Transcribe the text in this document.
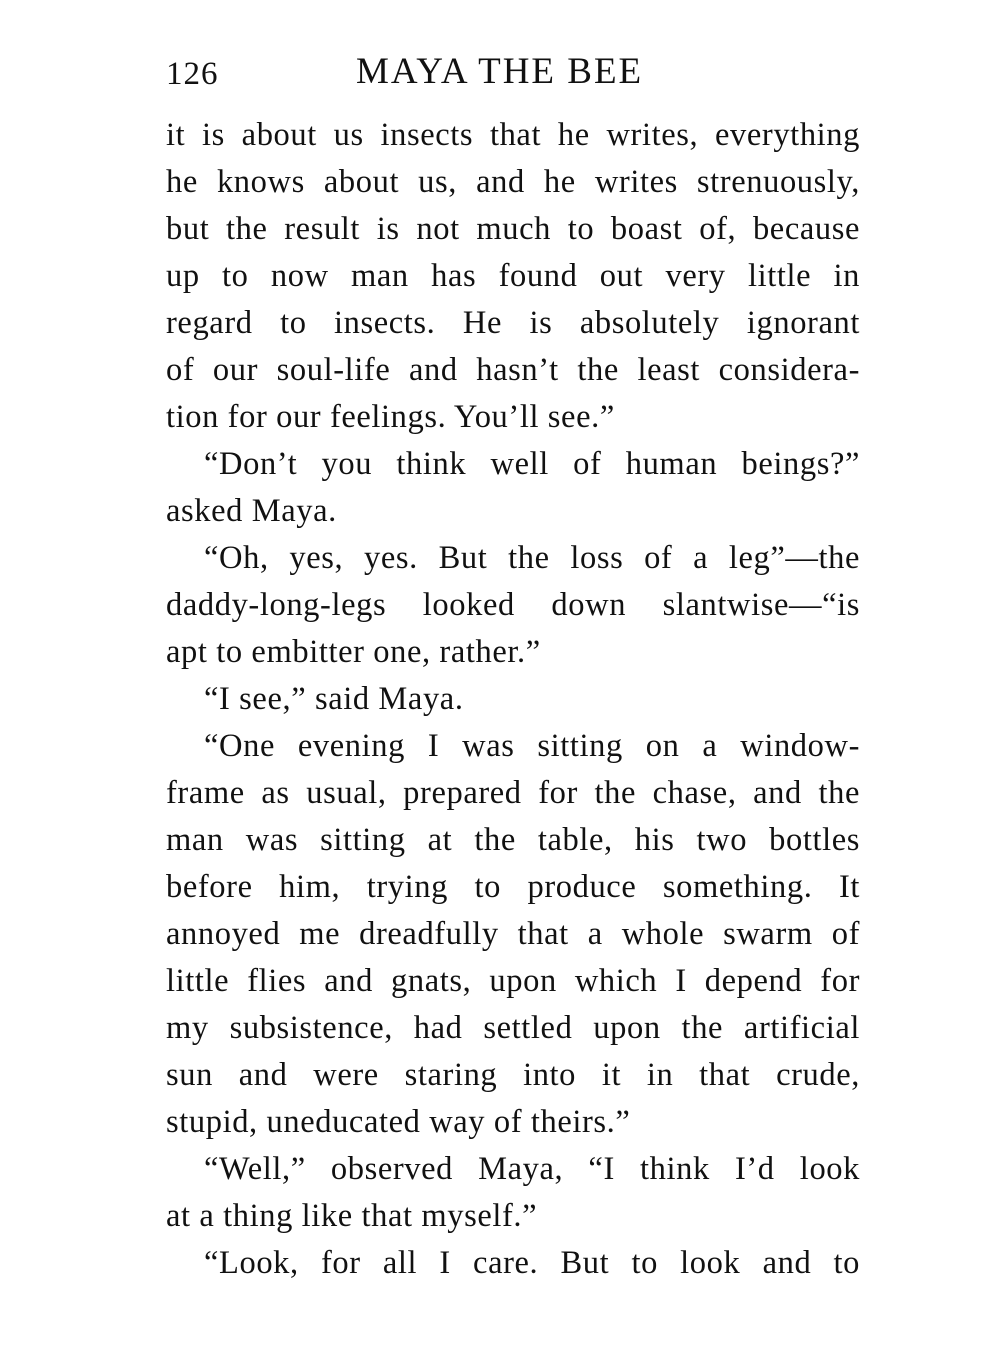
126	MAYA THE BEE
it is about us insects that he writes, everything
he knows about us, and he writes strenuously,
but the result is not much to boast of, because
up to now man has found out very little in
regard to insects. He is absolutely ignorant
of our soul-life and hasn’t the least considera-
tion for our feelings. You’ll see.”
“Don’t you think well of human beings?”
asked Maya.
“Oh, yes, yes. But the loss of a leg”—the
daddy-long-legs looked down slantwise—“is
apt to embitter one, rather.”
“I see,” said Maya.
“One evening I was sitting on a window-
frame as usual, prepared for the chase, and the
man was sitting at the table, his two bottles
before him, trying to produce something. It
annoyed me dreadfully that a whole swarm of
little flies and gnats, upon which I depend for
my subsistence, had settled upon the artificial
sun and were staring into it in that crude,
stupid, uneducated way of theirs.”
“Well,” observed Maya, “I think I’d look
at a thing like that myself.”
“Look, for all I care. But to look and to
